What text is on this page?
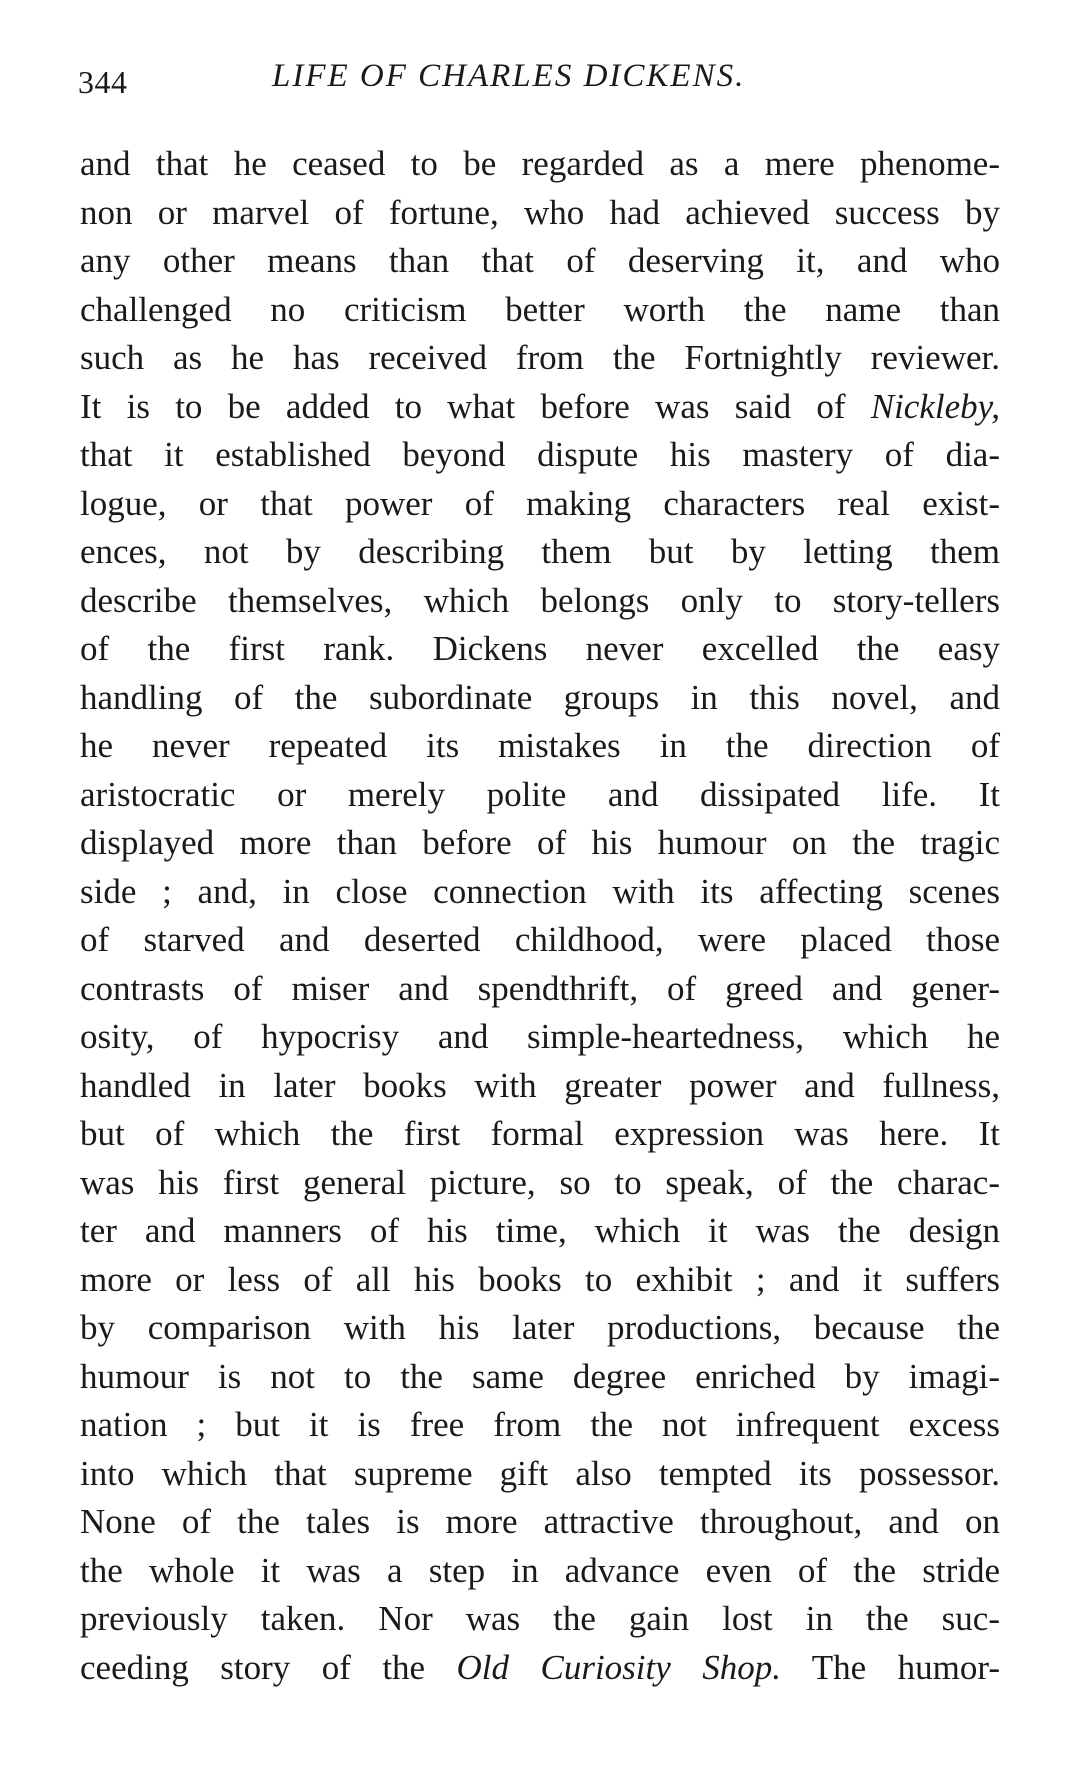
344	LIFE OF CHARLES DICKENS.
and that he ceased to be regarded as a mere phenome-
non or marvel of fortune, who had achieved success by
any other means than that of deserving it, and who
challenged no criticism better worth the name than
such as he has received from the Fortnightly reviewer.
It is to be added to what before was said of Nickleby,
that it established beyond dispute his mastery of dia-
logue, or that power of making characters real exist-
ences, not by describing them but by letting them
describe themselves, which belongs only to story-tellers
of the first rank. Dickens never excelled the easy
handling of the subordinate groups in this novel, and
he never repeated its mistakes in the direction of
aristocratic or merely polite and dissipated life. It
displayed more than before of his humour on the tragic
side ; and, in close connection with its affecting scenes
of starved and deserted childhood, were placed those
contrasts of miser and spendthrift, of greed and gener-
osity, of hypocrisy and simple-heartedness, which he
handled in later books with greater power and fullness,
but of which the first formal expression was here. It
was his first general picture, so to speak, of the charac-
ter and manners of his time, which it was the design
more or less of all his books to exhibit ; and it suffers
by comparison with his later productions, because the
humour is not to the same degree enriched by imagi-
nation ; but it is free from the not infrequent excess
into which that supreme gift also tempted its possessor.
None of the tales is more attractive throughout, and on
the whole it was a step in advance even of the stride
previously taken. Nor was the gain lost in the suc-
ceeding story of the Old Curiosity Shop. The humor-
